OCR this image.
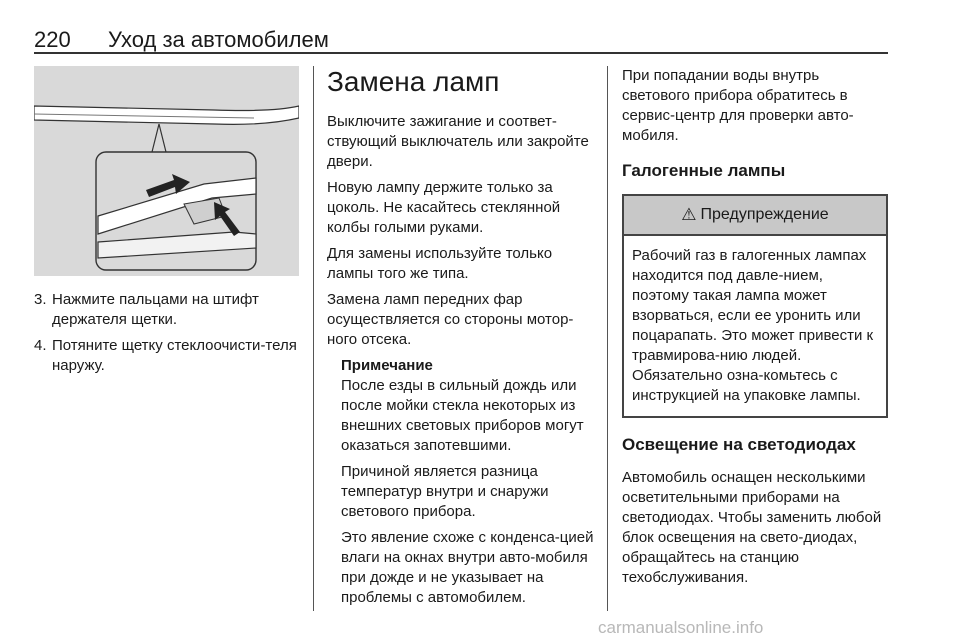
220 Уход за автомобилем
3. Нажмите пальцами на штифт держателя щетки.
4. Потяните щетку стеклоочисти-теля наружу.
Замена ламп

Выключите зажигание и соответ-ствующий выключатель или закройте двери.

Новую лампу держите только за цоколь. Не касайтесь стеклянной колбы голыми руками.

Для замены используйте только лампы того же типа.

Замена ламп передних фар осуществляется со стороны мотор-ного отсека.

Примечание

После езды в сильный дождь или после мойки стекла некоторых из внешних световых приборов могут оказаться запотевшими.

Причиной является разница температур внутри и снаружи светового прибора.

Это явление схоже с конденса-цией влаги на окнах внутри авто-мобиля при дожде и не указывает на проблемы с автомобилем.

При попадании воды внутрь светового прибора обратитесь в сервис-центр для проверки авто-мобиля.

Галогенные лампы
⚠ Предупреждение
Рабочий газ в галогенных лампах находится под давле-нием, поэтому такая лампа может взорваться, если ее уронить или поцарапать. Это может привести к травмирова-нию людей. Обязательно озна-комьтесь с инструкцией на упаковке лампы.
Освещение на светодиодах

Автомобиль оснащен несколькими осветительными приборами на светодиодах. Чтобы заменить любой блок освещения на свето-диодах, обращайтесь на станцию техобслуживания.

carmanualsonline.info
